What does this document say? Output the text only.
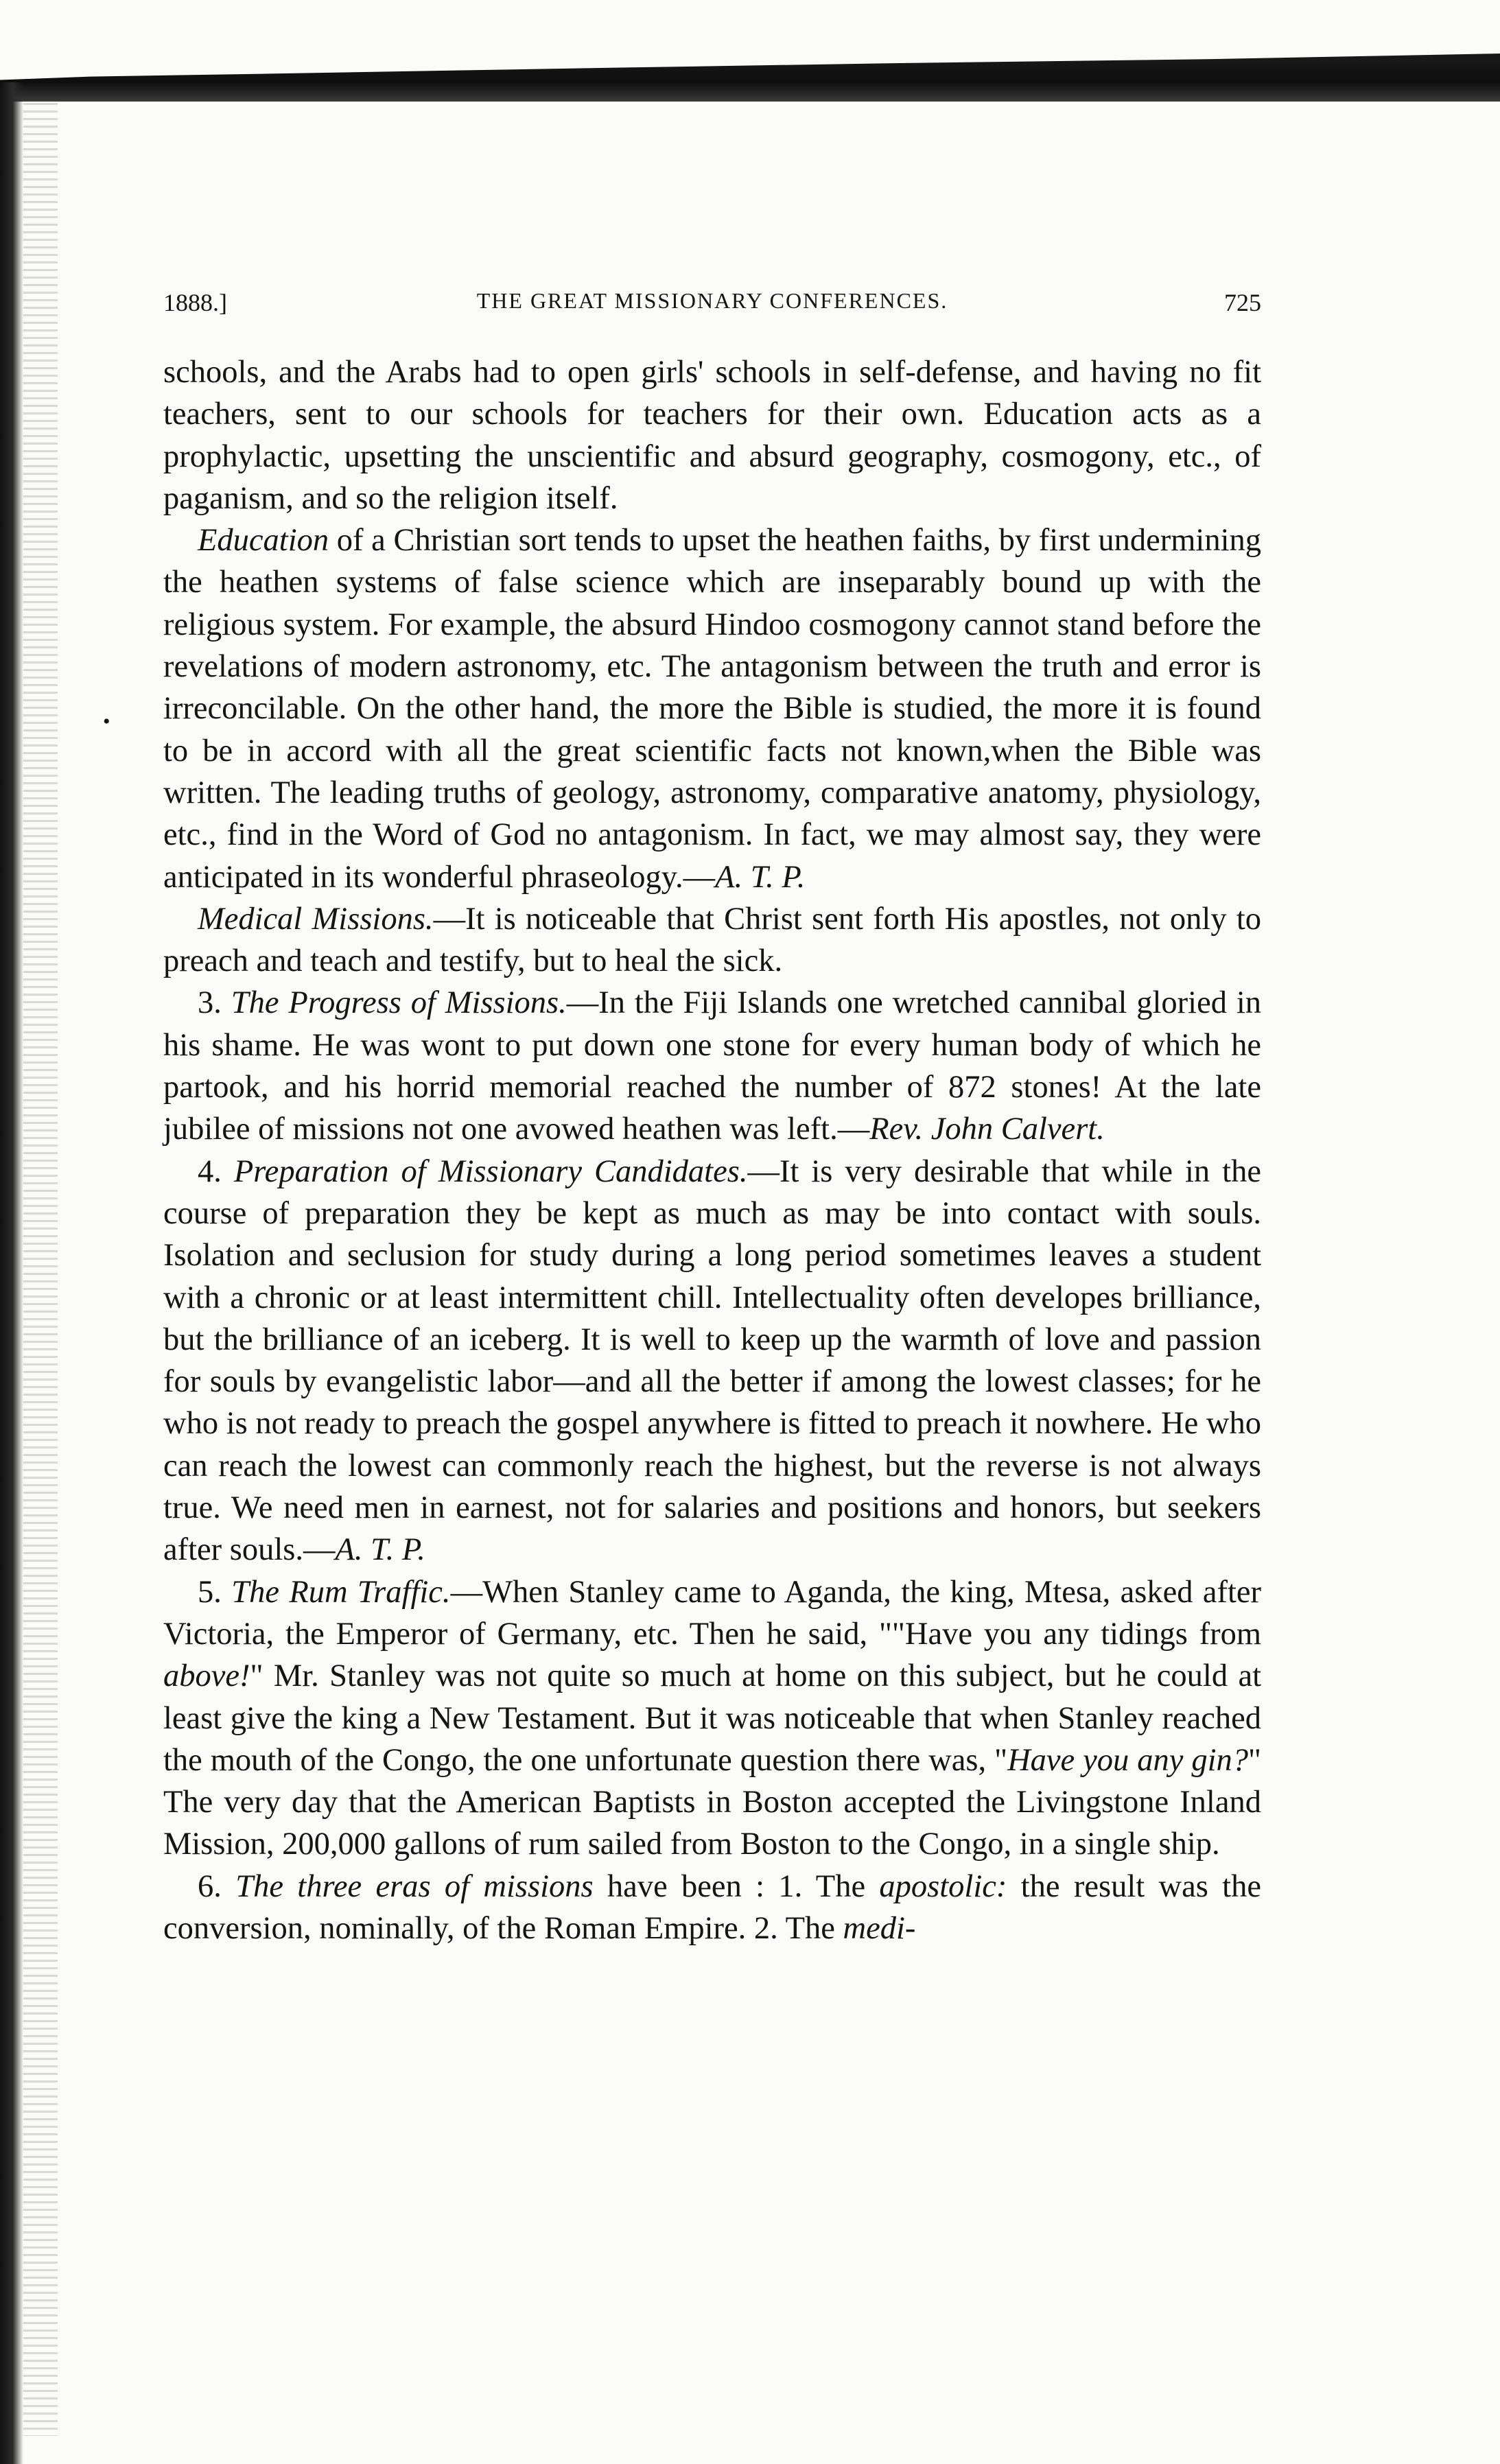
•
1888.]	THE GREAT MISSIONARY CONFERENCES.	725

schools, and the Arabs had to open girls' schools in self-defense, and having no fit teachers, sent to our schools for teachers for their own. Education acts as a prophylactic, upsetting the unscientific and absurd geography, cosmogony, etc., of paganism, and so the religion itself.

Education of a Christian sort tends to upset the heathen faiths, by first undermining the heathen systems of false science which are inseparably bound up with the religious system. For example, the absurd Hindoo cosmogony cannot stand before the revelations of modern astronomy, etc. The antagonism between the truth and error is irreconcilable. On the other hand, the more the Bible is studied, the more it is found to be in accord with all the great scientific facts not known,when the Bible was written. The leading truths of geology, astronomy, comparative anatomy, physiology, etc., find in the Word of God no antagonism. In fact, we may almost say, they were anticipated in its wonderful phraseology.—A. T. P.

Medical Missions.—It is noticeable that Christ sent forth His apostles, not only to preach and teach and testify, but to heal the sick.

3. The Progress of Missions.—In the Fiji Islands one wretched cannibal gloried in his shame. He was wont to put down one stone for every human body of which he partook, and his horrid memorial reached the number of 872 stones! At the late jubilee of missions not one avowed heathen was left.—Rev. John Calvert.

4. Preparation of Missionary Candidates.—It is very desirable that while in the course of preparation they be kept as much as may be into contact with souls. Isolation and seclusion for study during a long period sometimes leaves a student with a chronic or at least intermittent chill. Intellectuality often developes brilliance, but the brilliance of an iceberg. It is well to keep up the warmth of love and passion for souls by evangelistic labor—and all the better if among the lowest classes; for he who is not ready to preach the gospel anywhere is fitted to preach it nowhere. He who can reach the lowest can commonly reach the highest, but the reverse is not always true. We need men in earnest, not for salaries and positions and honors, but seekers after souls.—A. T. P.

5. The Rum Traffic.—When Stanley came to Aganda, the king, Mtesa, asked after Victoria, the Emperor of Germany, etc. Then he said, ""Have you any tidings from above!" Mr. Stanley was not quite so much at home on this subject, but he could at least give the king a New Testament. But it was noticeable that when Stanley reached the mouth of the Congo, the one unfortunate question there was, "Have you any gin?" The very day that the American Baptists in Boston accepted the Livingstone Inland Mission, 200,000 gallons of rum sailed from Boston to the Congo, in a single ship.

6. The three eras of missions have been : 1. The apostolic: the result was the conversion, nominally, of the Roman Empire. 2. The medi-
